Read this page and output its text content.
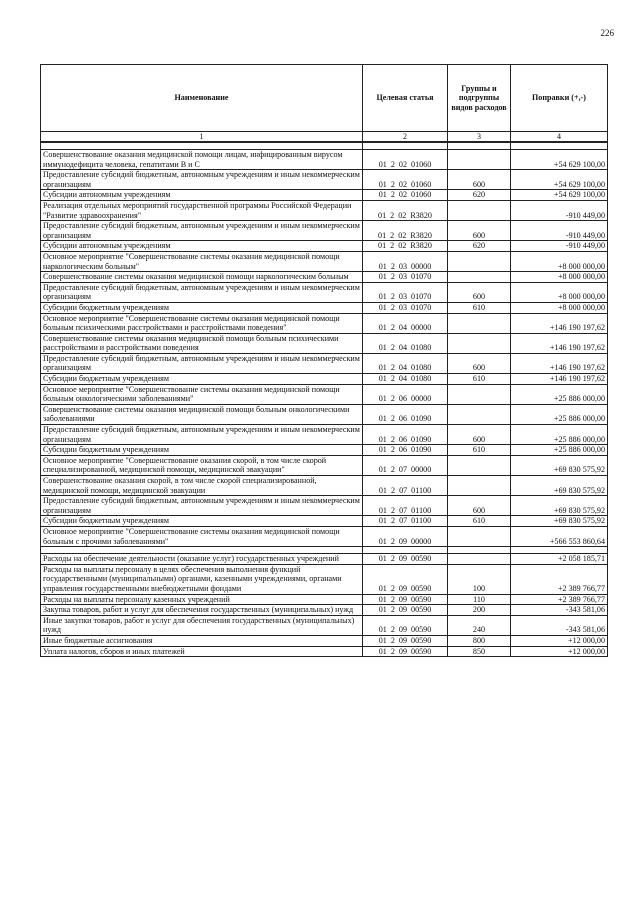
226
Наименование	Целевая статья	Группы и подгруппы видов расходов	Поправки (+,-)
1	2	3	4

Совершенствование оказания медицинской помощи лицам, инфицированным вирусом иммунодефицита человека, гепатитами В и С	01 2 02 01060		+54 629 100,00
Предоставление субсидий бюджетным, автономным учреждениям и иным некоммерческим организациям	01 2 02 01060	600	+54 629 100,00
Субсидии автономным учреждениям	01 2 02 01060	620	+54 629 100,00
Реализация отдельных мероприятий государственной программы Российской Федерации "Развитие здравоохранения"	01 2 02 R3820		-910 449,00
Предоставление субсидий бюджетным, автономным учреждениям и иным некоммерческим организациям	01 2 02 R3820	600	-910 449,00
Субсидии автономным учреждениям	01 2 02 R3820	620	-910 449,00
Основное мероприятие "Совершенствование системы оказания медицинской помощи наркологическим больным"	01 2 03 00000		+8 000 000,00
Совершенствование системы оказания медицинской помощи наркологическим больным	01 2 03 01070		+8 000 000,00
Предоставление субсидий бюджетным, автономным учреждениям и иным некоммерческим организациям	01 2 03 01070	600	+8 000 000,00
Субсидии бюджетным учреждениям	01 2 03 01070	610	+8 000 000,00
Основное мероприятие "Совершенствование системы оказания медицинской помощи больным психическими расстройствами и расстройствами поведения"	01 2 04 00000		+146 190 197,62
Совершенствование системы оказания медицинской помощи больным психическими расстройствами и расстройствами поведения	01 2 04 01080		+146 190 197,62
Предоставление субсидий бюджетным, автономным учреждениям и иным некоммерческим организациям	01 2 04 01080	600	+146 190 197,62
Субсидии бюджетным учреждениям	01 2 04 01080	610	+146 190 197,62
Основное мероприятие "Совершенствование системы оказания медицинской помощи больным онкологическими заболеваниями"	01 2 06 00000		+25 886 000,00
Совершенствование системы оказания медицинской помощи больным онкологическими заболеваниями	01 2 06 01090		+25 886 000,00
Предоставление субсидий бюджетным, автономным учреждениям и иным некоммерческим организациям	01 2 06 01090	600	+25 886 000,00
Субсидии бюджетным учреждениям	01 2 06 01090	610	+25 886 000,00
Основное мероприятие "Совершенствование оказания скорой, в том числе скорой специализированной, медицинской помощи, медицинской эвакуации"	01 2 07 00000		+69 830 575,92
Совершенствование оказания скорой, в том числе скорой специализированной, медицинской помощи, медицинской эвакуации	01 2 07 01100		+69 830 575,92
Предоставление субсидий бюджетным, автономным учреждениям и иным некоммерческим организациям	01 2 07 01100	600	+69 830 575,92
Субсидии бюджетным учреждениям	01 2 07 01100	610	+69 830 575,92
Основное мероприятие "Совершенствование системы оказания медицинской помощи больным с прочими заболеваниями"	01 2 09 00000		+566 553 860,64

Расходы на обеспечение деятельности (оказание услуг) государственных учреждений	01 2 09 00590		+2 058 185,71
Расходы на выплаты персоналу в целях обеспечения выполнения функций государственными (муниципальными) органами, казенными учреждениями, органами управления государственными внебюджетными фондами	01 2 09 00590	100	+2 389 766,77
Расходы на выплаты персоналу казенных учреждений	01 2 09 00590	110	+2 389 766,77
Закупка товаров, работ и услуг для обеспечения государственных (муниципальных) нужд	01 2 09 00590	200	-343 581,06
Иные закупки товаров, работ и услуг для обеспечения государственных (муниципальных) нужд	01 2 09 00590	240	-343 581,06
Иные бюджетные ассигнования	01 2 09 00590	800	+12 000,00
Уплата налогов, сборов и иных платежей	01 2 09 00590	850	+12 000,00
